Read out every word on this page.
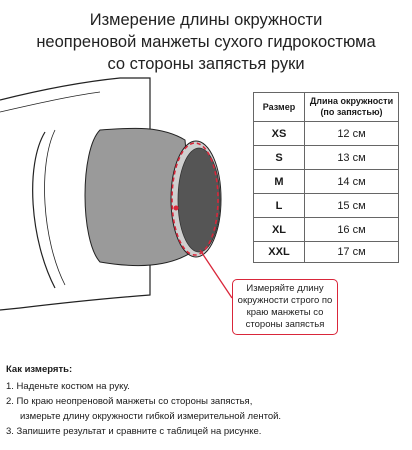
Измерение длины окружности
неопреновой манжеты сухого гидрокостюма
со стороны запястья руки
Размер	Длина окружности (по запястью)
XS	12 см
S	13 см
M	14 см
L	15 см
XL	16 см
XXL	17 см
Измеряйте длину окружности строго по краю манжеты со стороны запястья
Как измерять:
1. Наденьте костюм на руку.
2. По краю неопреновой манжеты со стороны запястья,
измерьте длину окружности гибкой измерительной лентой.
3. Запишите результат и сравните с таблицей на рисунке.
